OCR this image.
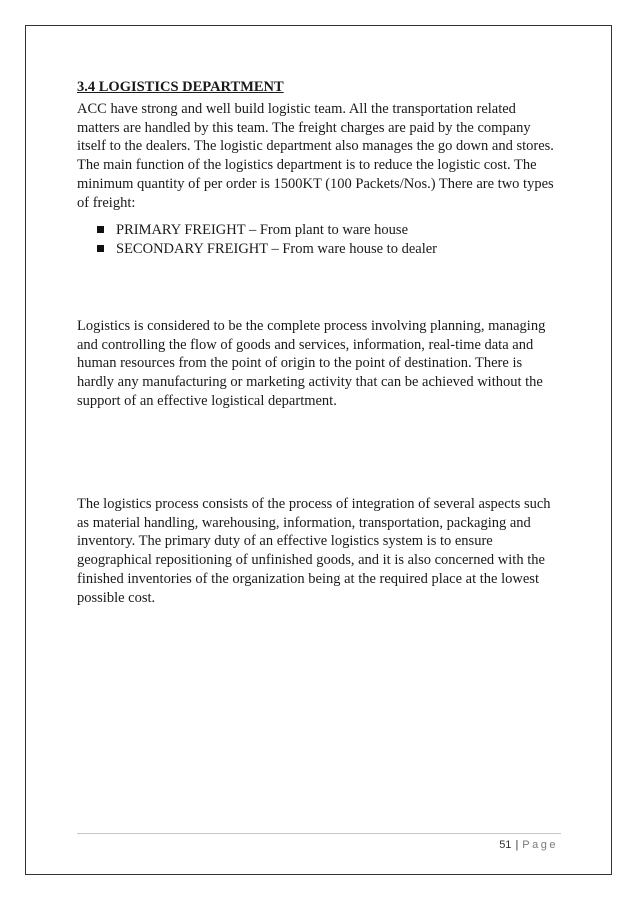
3.4 LOGISTICS DEPARTMENT

ACC have strong and well build logistic team. All the transportation related
matters are handled by this team. The freight charges are paid by the company
itself to the dealers. The logistic department also manages the go down and stores.
The main function of the logistics department is to reduce the logistic cost. The
minimum quantity of per order is 1500KT (100 Packets/Nos.) There are two types
of freight:

PRIMARY FREIGHT – From plant to ware house
SECONDARY FREIGHT – From ware house to dealer

Logistics is considered to be the complete process involving planning, managing
and controlling the flow of goods and services, information, real-time data and
human resources from the point of origin to the point of destination. There is
hardly any manufacturing or marketing activity that can be achieved without the
support of an effective logistical department.

The logistics process consists of the process of integration of several aspects such
as material handling, warehousing, information, transportation, packaging and
inventory. The primary duty of an effective logistics system is to ensure
geographical repositioning of unfinished goods, and it is also concerned with the
finished inventories of the organization being at the required place at the lowest
possible cost.

51 | Page
